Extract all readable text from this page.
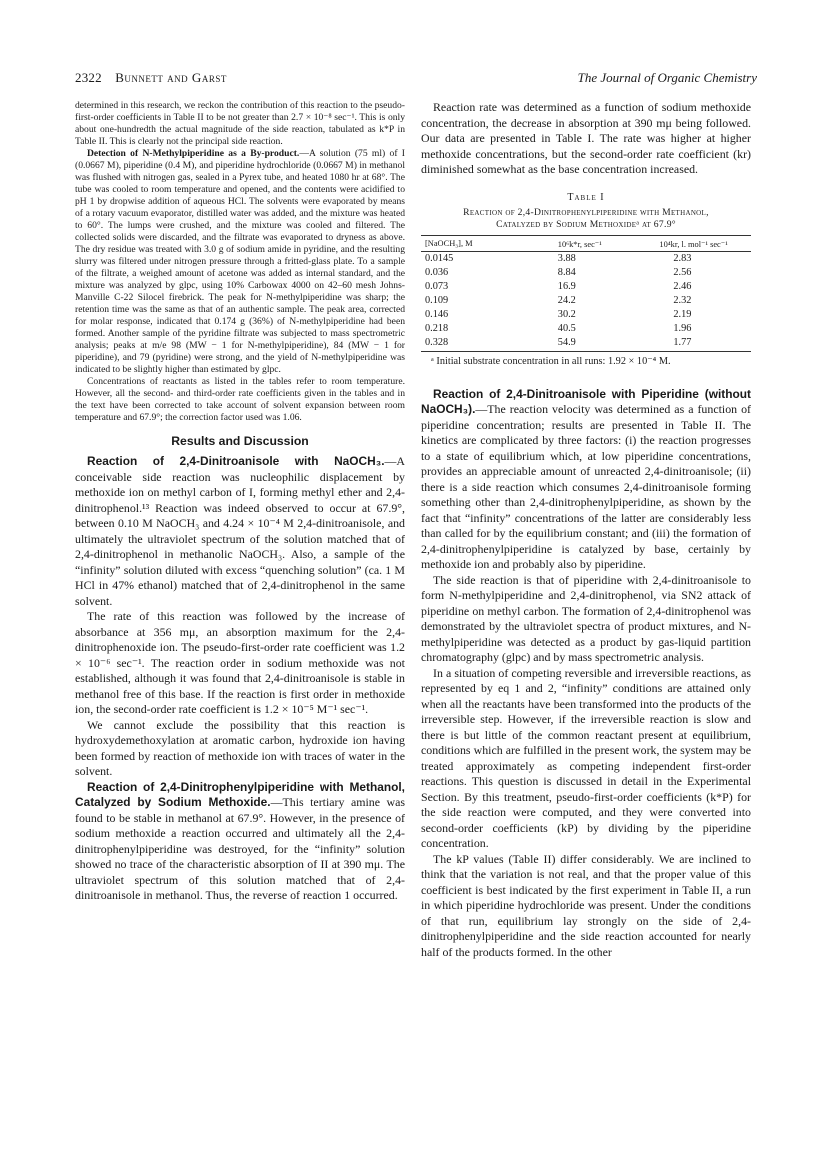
2322 Bunnett and Garst	The Journal of Organic Chemistry

determined in this research, we reckon the contribution of this reaction to the pseudo-first-order coefficients in Table II to be not greater than 2.7 × 10⁻⁸ sec⁻¹. This is only about one-hundredth the actual magnitude of the side reaction, tabulated as k*P in Table II. This is clearly not the principal side reaction.

Detection of N-Methylpiperidine as a By-product.—A solution (75 ml) of I (0.0667 M), piperidine (0.4 M), and piperidine hydrochloride (0.0667 M) in methanol was flushed with nitrogen gas, sealed in a Pyrex tube, and heated 1080 hr at 68°. The tube was cooled to room temperature and opened, and the contents were acidified to pH 1 by dropwise addition of aqueous HCl. The solvents were evaporated by means of a rotary vacuum evaporator, distilled water was added, and the mixture was heated to 60°. The lumps were crushed, and the mixture was cooled and filtered. The collected solids were discarded, and the filtrate was evaporated to dryness as above. The dry residue was treated with 3.0 g of sodium amide in pyridine, and the resulting slurry was filtered under nitrogen pressure through a fritted-glass plate. To a sample of the filtrate, a weighed amount of acetone was added as internal standard, and the mixture was analyzed by glpc, using 10% Carbowax 4000 on 42–60 mesh Johns-Manville C-22 Silocel firebrick. The peak for N-methylpiperidine was sharp; the retention time was the same as that of an authentic sample. The peak area, corrected for molar response, indicated that 0.174 g (36%) of N-methylpiperidine had been formed. Another sample of the pyridine filtrate was subjected to mass spectrometric analysis; peaks at m/e 98 (MW − 1 for N-methylpiperidine), 84 (MW − 1 for piperidine), and 79 (pyridine) were strong, and the yield of N-methylpiperidine was indicated to be slightly higher than estimated by glpc.

Concentrations of reactants as listed in the tables refer to room temperature. However, all the second- and third-order rate coefficients given in the tables and in the text have been corrected to take account of solvent expansion between room temperature and 67.9°; the correction factor used was 1.06.

Results and Discussion

Reaction of 2,4-Dinitroanisole with NaOCH₃.—A conceivable side reaction was nucleophilic displacement by methoxide ion on methyl carbon of I, forming methyl ether and 2,4-dinitrophenol.¹³ Reaction was indeed observed to occur at 67.9°, between 0.10 M NaOCH₃ and 4.24 × 10⁻⁴ M 2,4-dinitroanisole, and ultimately the ultraviolet spectrum of the solution matched that of 2,4-dinitrophenol in methanolic NaOCH₃. Also, a sample of the “infinity” solution diluted with excess “quenching solution” (ca. 1 M HCl in 47% ethanol) matched that of 2,4-dinitrophenol in the same solvent.

The rate of this reaction was followed by the increase of absorbance at 356 mμ, an absorption maximum for the 2,4-dinitrophenoxide ion. The pseudo-first-order rate coefficient was 1.2 × 10⁻⁶ sec⁻¹. The reaction order in sodium methoxide was not established, although it was found that 2,4-dinitroanisole is stable in methanol free of this base. If the reaction is first order in methoxide ion, the second-order rate coefficient is 1.2 × 10⁻⁵ M⁻¹ sec⁻¹.

We cannot exclude the possibility that this reaction is hydroxydemethoxylation at aromatic carbon, hydroxide ion having been formed by reaction of methoxide ion with traces of water in the solvent.

Reaction of 2,4-Dinitrophenylpiperidine with Methanol, Catalyzed by Sodium Methoxide.—This tertiary amine was found to be stable in methanol at 67.9°. However, in the presence of sodium methoxide a reaction occurred and ultimately all the 2,4-dinitrophenylpiperidine was destroyed, for the “infinity” solution showed no trace of the characteristic absorption of II at 390 mμ. The ultraviolet spectrum of this solution matched that of 2,4-dinitroanisole in methanol. Thus, the reverse of reaction 1 occurred.

Reaction rate was determined as a function of sodium methoxide concentration, the decrease in absorption at 390 mμ being followed. Our data are presented in Table I. The rate was higher at higher methoxide concentrations, but the second-order rate coefficient (kr) diminished somewhat as the base concentration increased.

Table I
Reaction of 2,4-Dinitrophenylpiperidine with Methanol,
Catalyzed by Sodium Methoxideᵃ at 67.9°
[NaOCH₃], M	10⁶k*r, sec⁻¹	10⁴kr, l. mol⁻¹ sec⁻¹
0.0145	3.88	2.83
0.036	8.84	2.56
0.073	16.9	2.46
0.109	24.2	2.32
0.146	30.2	2.19
0.218	40.5	1.96
0.328	54.9	1.77
ᵃ Initial substrate concentration in all runs: 1.92 × 10⁻⁴ M.

Reaction of 2,4-Dinitroanisole with Piperidine (without NaOCH₃).—The reaction velocity was determined as a function of piperidine concentration; results are presented in Table II. The kinetics are complicated by three factors: (i) the reaction progresses to a state of equilibrium which, at low piperidine concentrations, provides an appreciable amount of unreacted 2,4-dinitroanisole; (ii) there is a side reaction which consumes 2,4-dinitroanisole forming something other than 2,4-dinitrophenylpiperidine, as shown by the fact that “infinity” concentrations of the latter are considerably less than called for by the equilibrium constant; and (iii) the formation of 2,4-dinitrophenylpiperidine is catalyzed by base, certainly by methoxide ion and probably also by piperidine.

The side reaction is that of piperidine with 2,4-dinitroanisole to form N-methylpiperidine and 2,4-dinitrophenol, via SN2 attack of piperidine on methyl carbon. The formation of 2,4-dinitrophenol was demonstrated by the ultraviolet spectra of product mixtures, and N-methylpiperidine was detected as a product by gas-liquid partition chromatography (glpc) and by mass spectrometric analysis.

In a situation of competing reversible and irreversible reactions, as represented by eq 1 and 2, “infinity” conditions are attained only when all the reactants have been transformed into the products of the irreversible step. However, if the irreversible reaction is slow and there is but little of the common reactant present at equilibrium, conditions which are fulfilled in the present work, the system may be treated approximately as competing independent first-order reactions. This question is discussed in detail in the Experimental Section. By this treatment, pseudo-first-order coefficients (k*P) for the side reaction were computed, and they were converted into second-order coefficients (kP) by dividing by the piperidine concentration.

The kP values (Table II) differ considerably. We are inclined to think that the variation is not real, and that the proper value of this coefficient is best indicated by the first experiment in Table II, a run in which piperidine hydrochloride was present. Under the conditions of that run, equilibrium lay strongly on the side of 2,4-dinitrophenylpiperidine and the side reaction accounted for nearly half of the products formed. In the other
